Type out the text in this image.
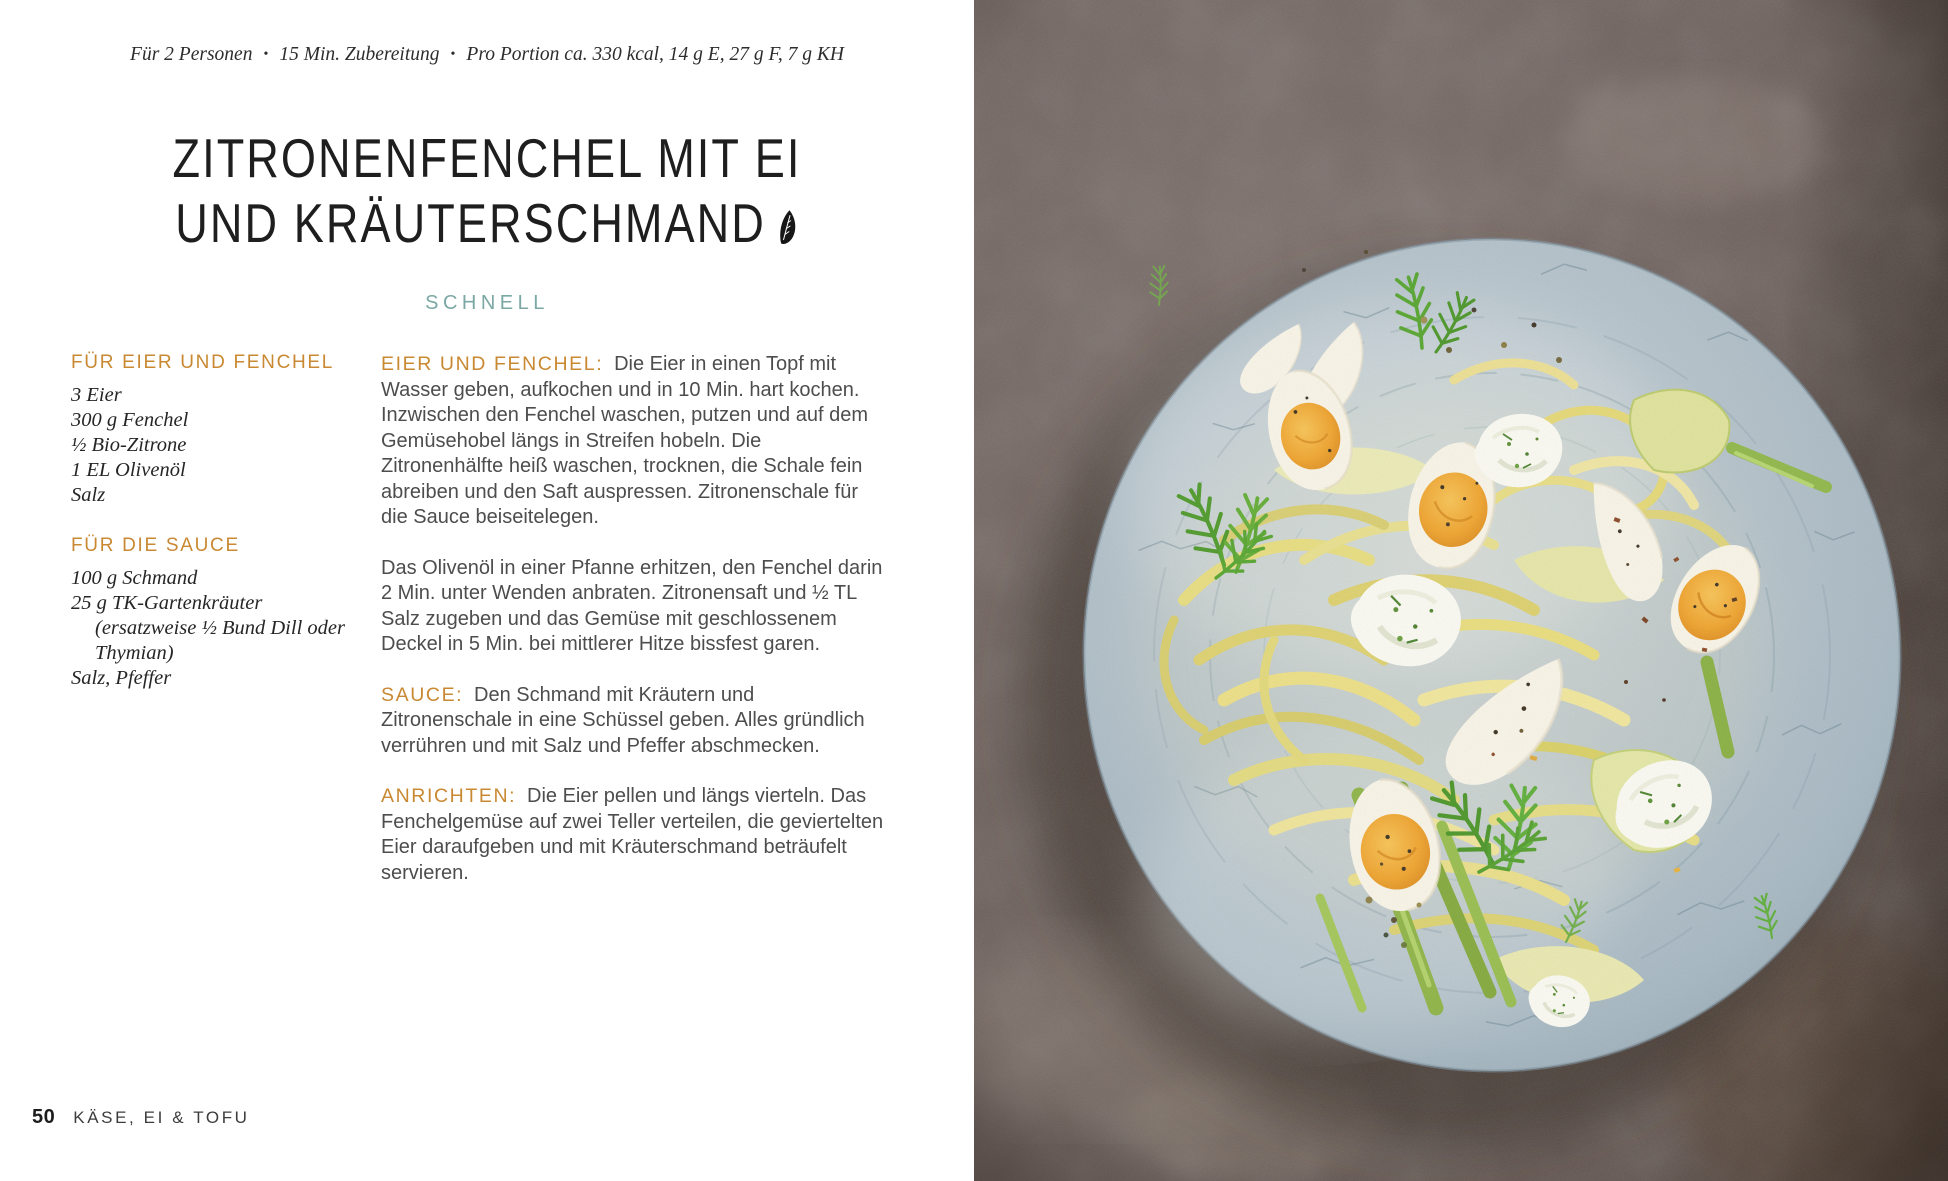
Für 2 Personen • 15 Min. Zubereitung • Pro Portion ca. 330 kcal, 14 g E, 27 g F, 7 g KH
ZITRONENFENCHEL MIT EI
UND KRÄUTERSCHMAND
SCHNELL
FÜR EIER UND FENCHEL
3 Eier
300 g Fenchel
½ Bio-Zitrone
1 EL Olivenöl
Salz
FÜR DIE SAUCE
100 g Schmand
25 g TK-Gartenkräuter
(ersatzweise ½ Bund Dill oder
Thymian)
Salz, Pfeffer

EIER UND FENCHEL: Die Eier in einen Topf mit Wasser geben, aufkochen und in 10 Min. hart kochen. Inzwischen den Fenchel waschen, putzen und auf dem Gemüsehobel längs in Streifen hobeln. Die Zitronenhälfte heiß waschen, trocknen, die Schale fein abreiben und den Saft auspressen. Zitronenschale für die Sauce beiseitelegen.

Das Olivenöl in einer Pfanne erhitzen, den Fenchel darin 2 Min. unter Wenden anbraten. Zitronensaft und ½ TL Salz zugeben und das Gemüse mit geschlossenem Deckel in 5 Min. bei mittlerer Hitze bissfest garen.

SAUCE: Den Schmand mit Kräutern und Zitronenschale in eine Schüssel geben. Alles gründlich verrühren und mit Salz und Pfeffer abschmecken.

ANRICHTEN: Die Eier pellen und längs vierteln. Das Fenchelgemüse auf zwei Teller verteilen, die geviertelten Eier daraufgeben und mit Kräuterschmand beträufelt servieren.

50 KÄSE, EI & TOFU
